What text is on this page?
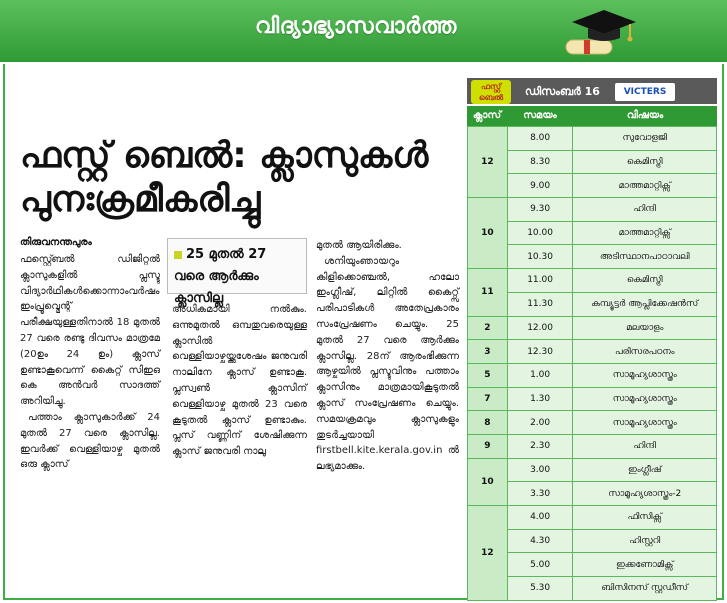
വിദ്യാഭ്യാസവാർത്ത
ഫസ്റ്റ് ബെൽ: ക്ലാസുകൾ പുനഃക്രമീകരിച്ചു
തിരുവനന്തപുരം

ഫസ്റ്റ്ബെൽ ഡിജിറ്റൽ ക്ലാസുകളിൽ പ്ലസ്ടു വിദ്യാർഥികൾക്കൊന്നാംവർഷം ഇംപ്രൂവ്മെന്റ് പരീക്ഷയുള്ളതിനാൽ 18 മുതൽ 27 വരെ രണ്ടു ദിവസം മാത്രമേ (20ഉം 24 ഉം) ക്ലാസ് ഉണ്ടാകൂവെന്ന് കൈറ്റ് സിഇഒ കെ അൻവർ സാദത്ത് അറിയിച്ചു.

പത്താം ക്ലാസുകാർക്ക് 24 മുതൽ 27 വരെ ക്ലാസില്ല. ഇവർക്ക് വെള്ളിയാഴ്ച മുതൽ ഒരു ക്ലാസ്

25 മുതൽ 27 വരെ ആർക്കും ക്ലാസില്ല

അധികമായി നൽകും. ഒന്നുമുതൽ ഒമ്പതുവരെയുള്ള ക്ലാസിൽ വെള്ളിയാഴ്ചയ്ക്കുശേഷം ജനുവരി നാലിനേ ക്ലാസ് ഉണ്ടാകൂ. പ്ലസ്വൺ ക്ലാസിന് വെള്ളിയാഴ്ച മുതൽ 23 വരെ കൂടുതൽ ക്ലാസ് ഉണ്ടാകും. പ്ലസ് വണ്ണിന് ശേഷിക്കുന്ന ക്ലാസ് ജനുവരി നാലു

മുതൽ ആയിരിക്കും.

ശനിയുംഞായറും കിളിക്കൊഞ്ചൽ, ഹലോ ഇംഗ്ലീഷ്, ലിറ്റിൽ കൈറ്റ്സ് പരിപാടികൾ അതേപ്രകാരം സംപ്രേഷണം ചെയ്യും. 25 മുതൽ 27 വരെ ആർക്കും ക്ലാസില്ല. 28ന് ആരംഭിക്കുന്ന ആഴ്ചയിൽ പ്ലസ്ടുവിനും പത്താം ക്ലാസിനും മാത്രമായികൂടുതൽ ക്ലാസ് സംപ്രേഷണം ചെയ്യും. സമയക്രമവും ക്ലാസുകളും തുടർച്ചയായി firstbell.kite.kerala.gov.in ൽ ലഭ്യമാക്കും.

ഫസ്റ്റ് ബെൽ	ഡിസംബർ 16	VICTERS
ക്ലാസ്	സമയം	വിഷയം
12	8.00	സുവോളജി
	8.30	കെമിസ്ട്രി
	9.00	മാത്തമാറ്റിക്സ്
10	9.30	ഹിന്ദി
	10.00	മാത്തമാറ്റിക്സ്
	10.30	അടിസ്ഥാനപാഠാവലി
11	11.00	കെമിസ്ട്രി
	11.30	കമ്പ്യൂട്ടർ ആപ്ലിക്കേഷൻസ്
2	12.00	മലയാളം
3	12.30	പരിസരപഠനം
5	1.00	സാമൂഹ്യശാസ്ത്രം
7	1.30	സാമൂഹ്യശാസ്ത്രം
8	2.00	സാമൂഹ്യശാസ്ത്രം
9	2.30	ഹിന്ദി
10	3.00	ഇംഗ്ലീഷ്
	3.30	സാമൂഹ്യശാസ്ത്രം-2
12	4.00	ഫിസിക്സ്
	4.30	ഹിസ്റ്ററി
	5.00	ഇക്കണോമിക്സ്
	5.30	ബിസിനസ് സ്റ്റഡീസ്
